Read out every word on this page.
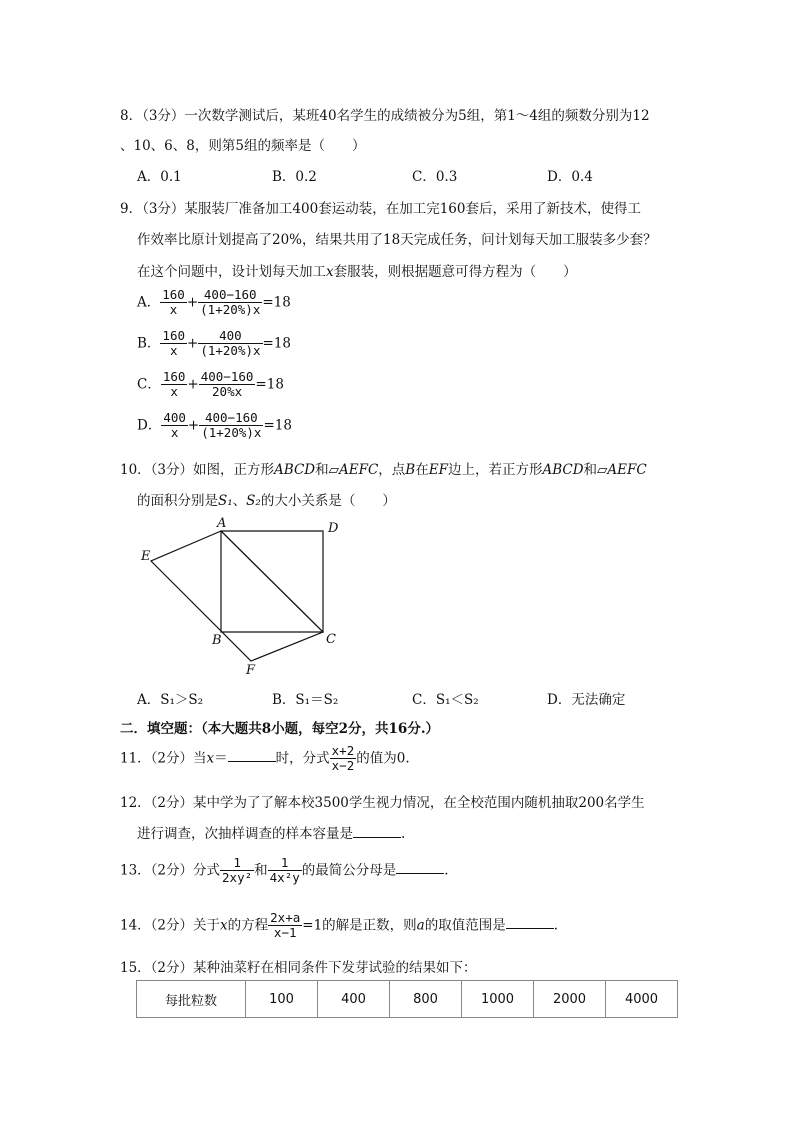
8．（3分）一次数学测试后，某班40名学生的成绩被分为5组，第1～4组的频数分别为12
、10、6、8，则第5组的频率是（　　）
A．0.1	B．0.2	C．0.3	D．0.4
9．（3分）某服装厂准备加工400套运动装，在加工完160套后，采用了新技术，使得工
作效率比原计划提高了20%，结果共用了18天完成任务，问计划每天加工服装多少套？
在这个问题中，设计划每天加工x套服装，则根据题意可得方程为（　　）
A． $\frac{160}{x} + \frac{400-160}{(1+20\%)x} =18$
B． $\frac{160}{x} + \frac{400}{(1+20\%)x} =18$
C． $\frac{160}{x} + \frac{400-160}{20\%x} =18$
D． $\frac{400}{x} + \frac{400-160}{(1+20\%)x} =18$
10．（3分）如图，正方形ABCD和▱AEFC，点B在EF边上，若正方形ABCD和▱AEFC
的面积分别是S₁、S₂的大小关系是（　　）
A	D
E
B	C
F
A．S₁＞S₂	B．S₁＝S₂	C．S₁＜S₂	D．无法确定
二．填空题：（本大题共8小题，每空2分，共16分.）
11．（2分）当x＝	时，分式 $\frac{x+2}{x-2}$ 的值为0.
12．（2分）某中学为了了解本校3500学生视力情况，在全校范围内随机抽取200名学生
进行调查，次抽样调查的样本容量是	.
13．（2分）分式 $\frac{1}{\text{2xy²}}$ 和 $\frac{1}{\text{4x²y}}$ 的最简公分母是	.
14．（2分）关于x的方程 $\frac{2x+a}{x-1} =1$的解是正数，则a的取值范围是	.
15．（2分）某种油菜籽在相同条件下发芽试验的结果如下：
每批粒数	100	400	800	1000	2000	4000
